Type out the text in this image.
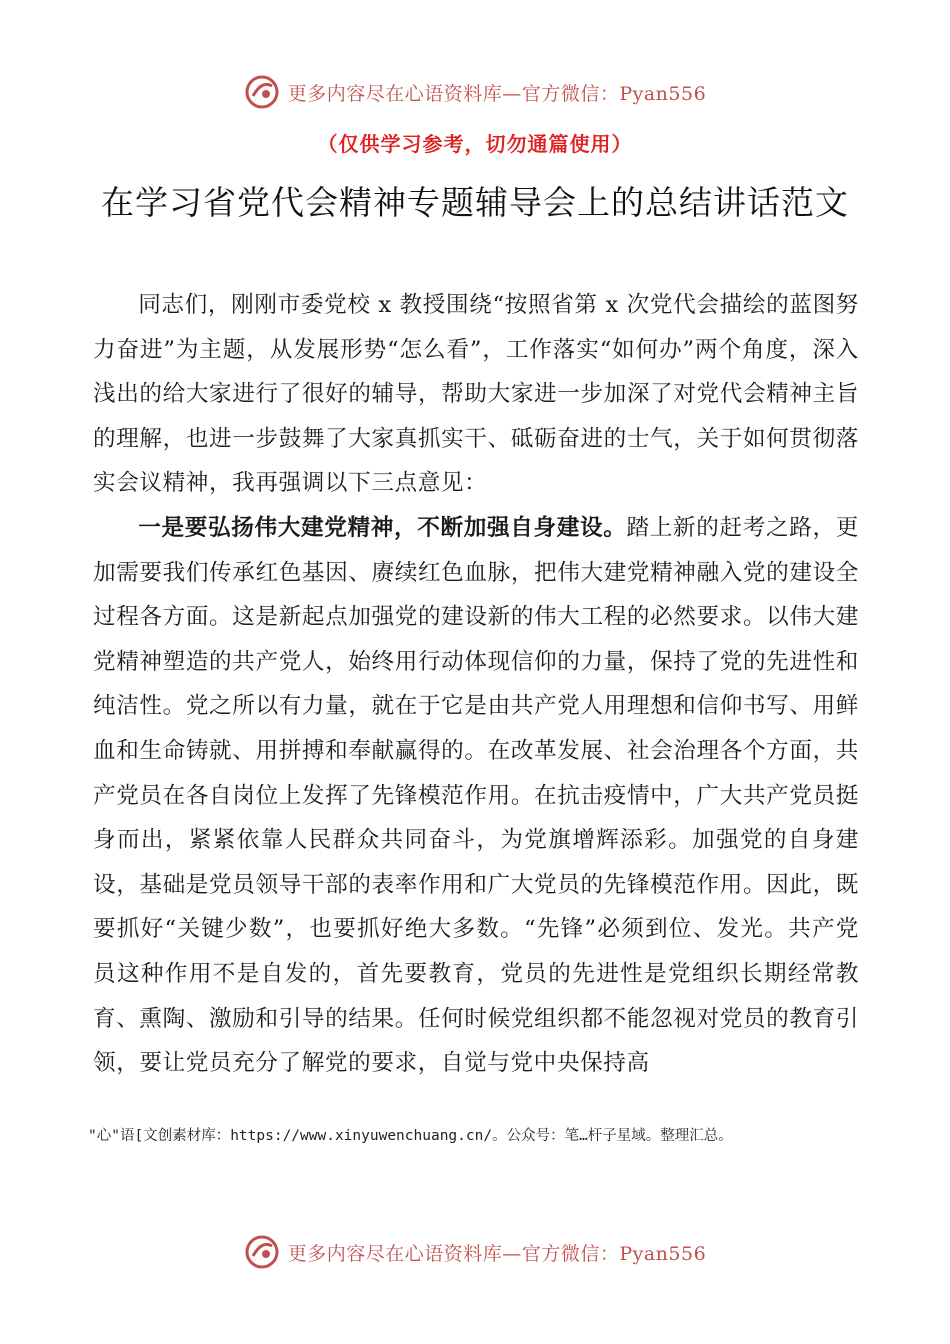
更多内容尽在心语资料库—官方微信：Pyan556
（仅供学习参考，切勿通篇使用）
在学习省党代会精神专题辅导会上的总结讲话范文

同志们，刚刚市委党校 x 教授围绕“按照省第 x 次党代会描绘的蓝图努力奋进”为主题，从发展形势“怎么看”，工作落实“如何办”两个角度，深入浅出的给大家进行了很好的辅导，帮助大家进一步加深了对党代会精神主旨的理解，也进一步鼓舞了大家真抓实干、砥砺奋进的士气，关于如何贯彻落实会议精神，我再强调以下三点意见：

一是要弘扬伟大建党精神，不断加强自身建设。踏上新的赶考之路，更加需要我们传承红色基因、赓续红色血脉，把伟大建党精神融入党的建设全过程各方面。这是新起点加强党的建设新的伟大工程的必然要求。以伟大建党精神塑造的共产党人，始终用行动体现信仰的力量，保持了党的先进性和纯洁性。党之所以有力量，就在于它是由共产党人用理想和信仰书写、用鲜血和生命铸就、用拼搏和奉献赢得的。在改革发展、社会治理各个方面，共产党员在各自岗位上发挥了先锋模范作用。在抗击疫情中，广大共产党员挺身而出，紧紧依靠人民群众共同奋斗，为党旗增辉添彩。加强党的自身建设，基础是党员领导干部的表率作用和广大党员的先锋模范作用。因此，既要抓好“关键少数”，也要抓好绝大多数。“先锋”必须到位、发光。共产党员这种作用不是自发的，首先要教育，党员的先进性是党组织长期经常教育、熏陶、激励和引导的结果。任何时候党组织都不能忽视对党员的教育引领，要让党员充分了解党的要求，自觉与党中央保持高

"心"语[文创素材库：https://www.xinyuwenchuang.cn/。公众号：笔…杆子星域。整理汇总。
更多内容尽在心语资料库—官方微信：Pyan556
